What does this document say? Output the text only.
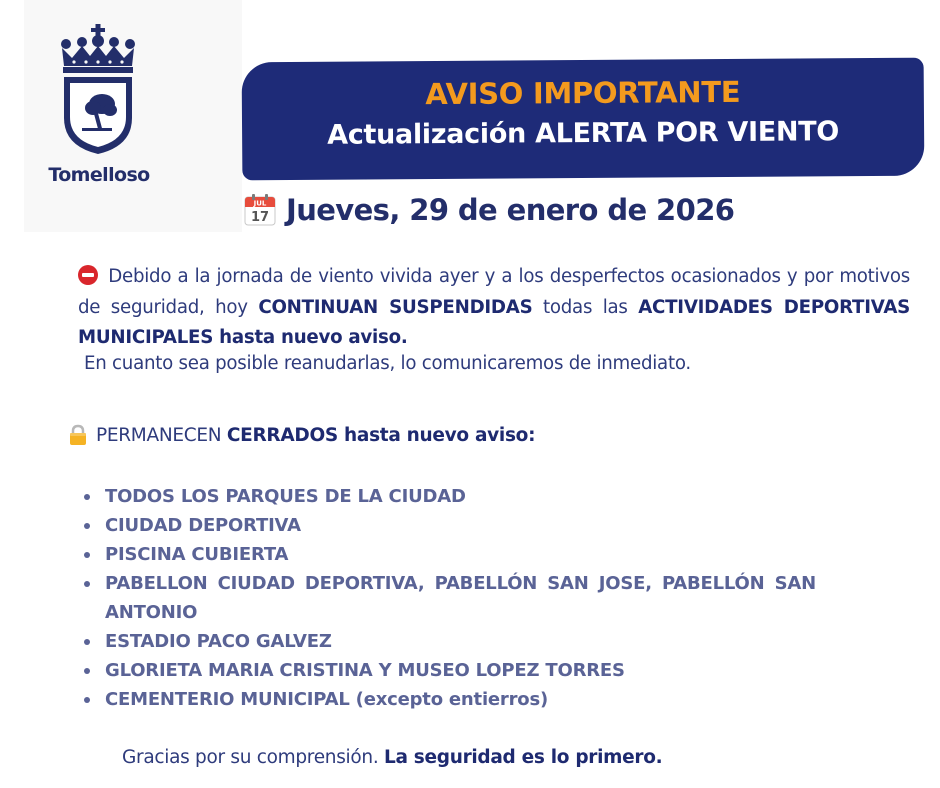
Tomelloso
AVISO IMPORTANTE
Actualización ALERTA POR VIENTO
JUL
17 Jueves, 29 de enero de 2026
Debido a la jornada de viento vivida ayer y a los desperfectos ocasionados y por motivos de seguridad, hoy CONTINUAN SUSPENDIDAS todas las ACTIVIDADES DEPORTIVAS MUNICIPALES hasta nuevo aviso.
En cuanto sea posible reanudarlas, lo comunicaremos de inmediato.
PERMANECEN CERRADOS hasta nuevo aviso:
TODOS LOS PARQUES DE LA CIUDAD
CIUDAD DEPORTIVA
PISCINA CUBIERTA
PABELLON CIUDAD DEPORTIVA, PABELLÓN SAN JOSE, PABELLÓN SAN ANTONIO
ESTADIO PACO GALVEZ
GLORIETA MARIA CRISTINA Y MUSEO LOPEZ TORRES
CEMENTERIO MUNICIPAL (excepto entierros)
Gracias por su comprensión. La seguridad es lo primero.
